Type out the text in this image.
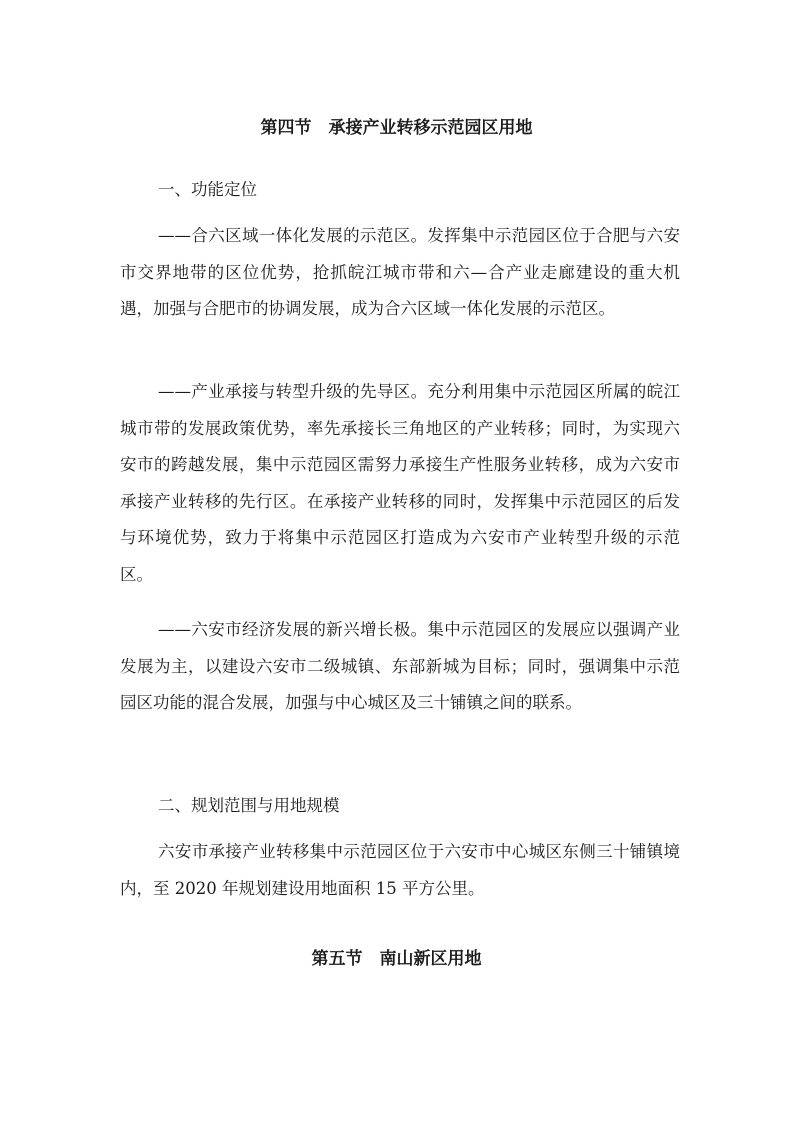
第四节　承接产业转移示范园区用地
一、功能定位

——合六区域一体化发展的示范区。发挥集中示范园区位于合肥与六安市交界地带的区位优势，抢抓皖江城市带和六—合产业走廊建设的重大机遇，加强与合肥市的协调发展，成为合六区域一体化发展的示范区。

——产业承接与转型升级的先导区。充分利用集中示范园区所属的皖江城市带的发展政策优势，率先承接长三角地区的产业转移；同时，为实现六安市的跨越发展，集中示范园区需努力承接生产性服务业转移，成为六安市承接产业转移的先行区。在承接产业转移的同时，发挥集中示范园区的后发与环境优势，致力于将集中示范园区打造成为六安市产业转型升级的示范区。

——六安市经济发展的新兴增长极。集中示范园区的发展应以强调产业发展为主，以建设六安市二级城镇、东部新城为目标；同时，强调集中示范园区功能的混合发展，加强与中心城区及三十铺镇之间的联系。

二、规划范围与用地规模

六安市承接产业转移集中示范园区位于六安市中心城区东侧三十铺镇境内，至 2020 年规划建设用地面积 15 平方公里。

第五节　南山新区用地
